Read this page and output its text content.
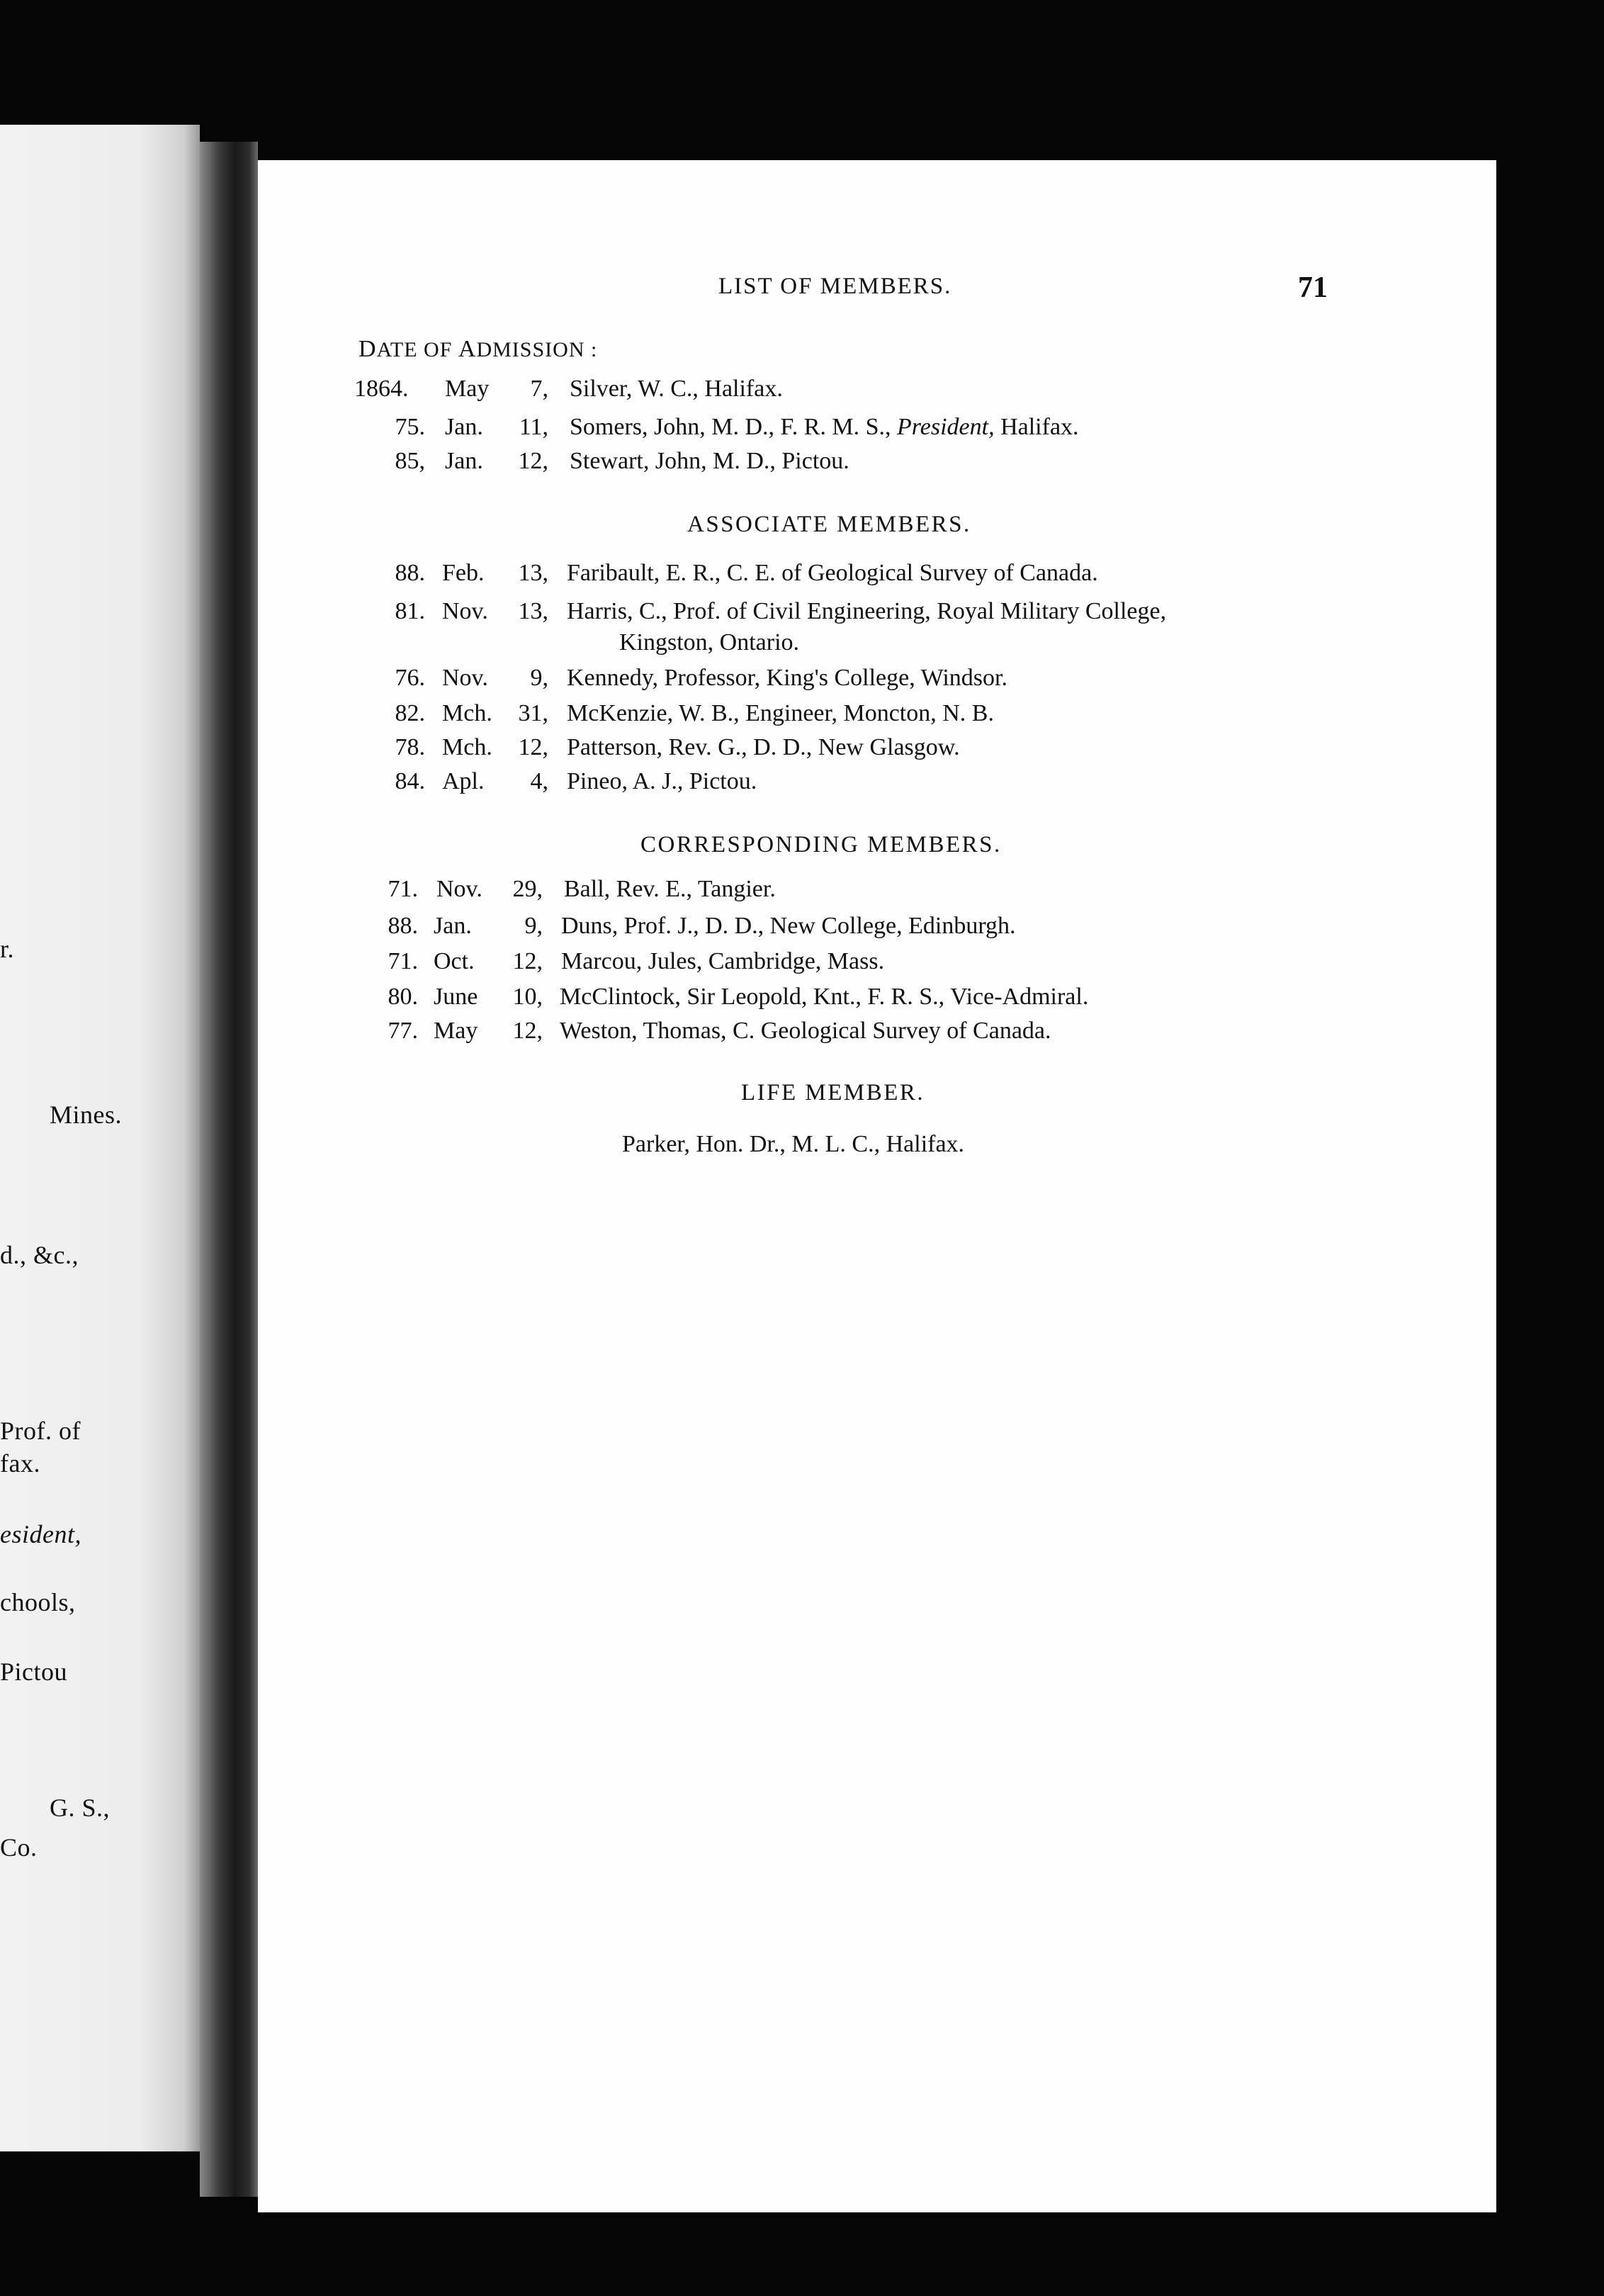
r.
Mines.
d., &c.,
Prof. of
fax.
esident,
chools,
Pictou
G. S.,
Co.
LIST OF MEMBERS.	71
DATE OF ADMISSION :
1864.	May	7, Silver, W. C., Halifax.
75. Jan.	11, Somers, John, M. D., F. R. M. S., President, Halifax.
85, Jan.	12, Stewart, John, M. D., Pictou.
ASSOCIATE MEMBERS.
88. Feb.	13, Faribault, E. R., C. E. of Geological Survey of Canada.
81. Nov.	13, Harris, C., Prof. of Civil Engineering, Royal Military College,
Kingston, Ontario.
76. Nov.	9, Kennedy, Professor, King's College, Windsor.
82. Mch.	31, McKenzie, W. B., Engineer, Moncton, N. B.
78. Mch.	12, Patterson, Rev. G., D. D., New Glasgow.
84. Apl.	4, Pineo, A. J., Pictou.
CORRESPONDING MEMBERS.
71. Nov.	29, Ball, Rev. E., Tangier.
88. Jan.	9, Duns, Prof. J., D. D., New College, Edinburgh.
71. Oct.	12, Marcou, Jules, Cambridge, Mass.
80. June	10, McClintock, Sir Leopold, Knt., F. R. S., Vice-Admiral.
77. May	12, Weston, Thomas, C. Geological Survey of Canada.
LIFE MEMBER.
Parker, Hon. Dr., M. L. C., Halifax.
